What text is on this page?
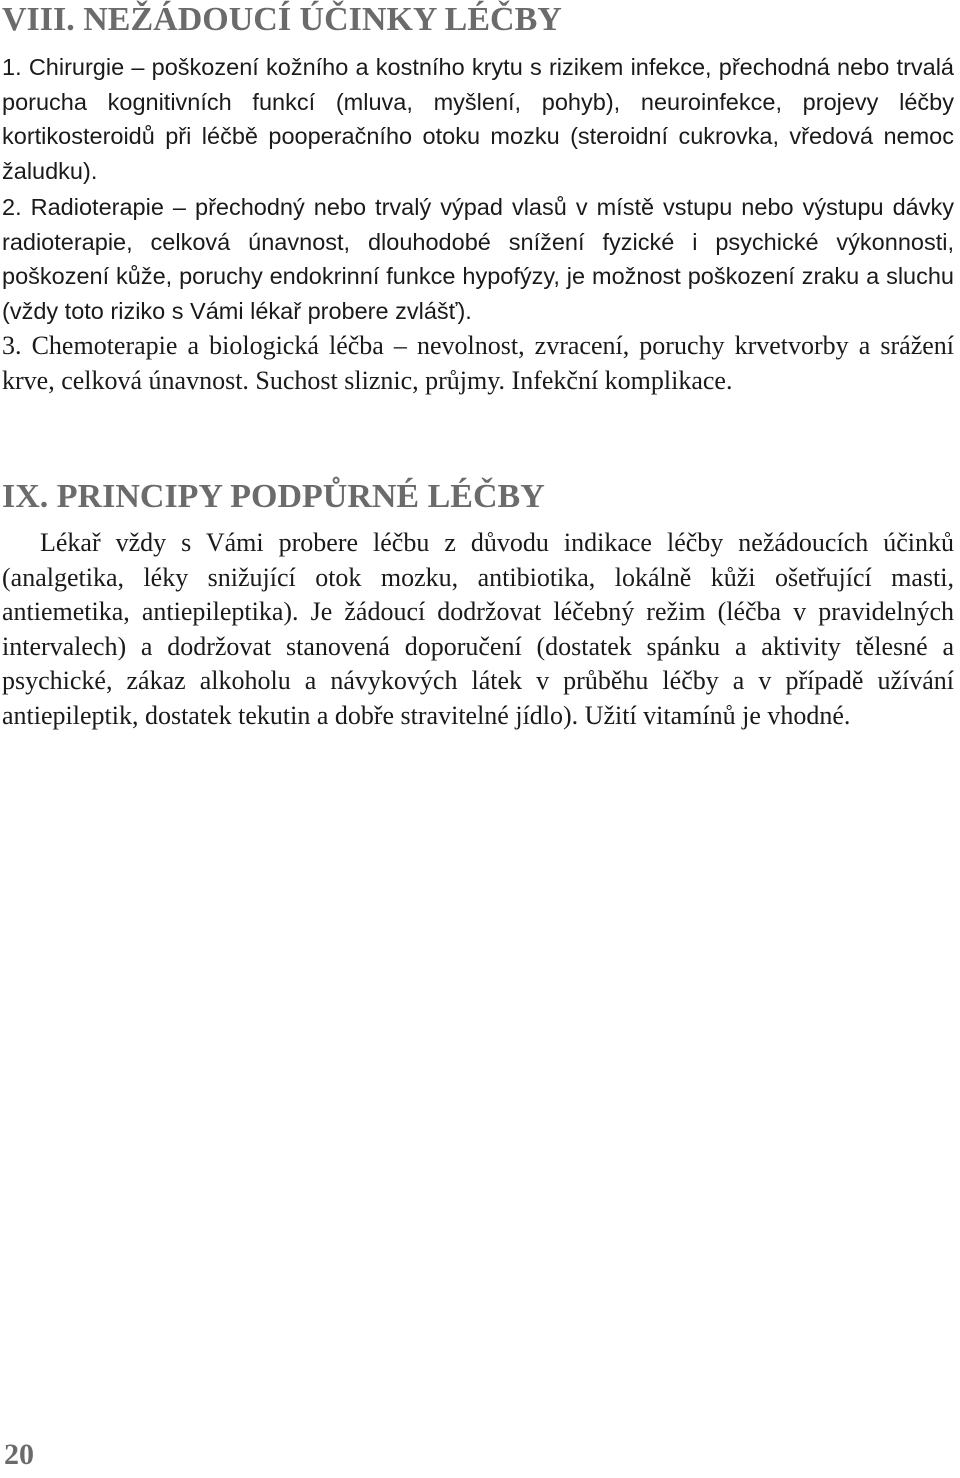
VIII. NEŽÁDOUCÍ ÚČINKY LÉČBY

1. Chirurgie – poškození kožního a kostního krytu s rizikem infekce, přechodná nebo trvalá porucha kognitivních funkcí (mluva, myšlení, pohyb), neuroinfekce, projevy léčby kortikosteroidů při léčbě pooperačního otoku mozku (steroidní cukrovka, vředová nemoc žaludku).

2. Radioterapie – přechodný nebo trvalý výpad vlasů v místě vstupu nebo výstupu dávky radioterapie, celková únavnost, dlouhodobé snížení fyzické i psychické výkonnosti, poškození kůže, poruchy endokrinní funkce hypofýzy, je možnost poškození zraku a sluchu (vždy toto riziko s Vámi lékař probere zvlášť).

3. Chemoterapie a biologická léčba – nevolnost, zvracení, poruchy krvetvorby a srážení krve, celková únavnost. Suchost sliznic, průjmy. Infekční komplikace.

IX. PRINCIPY PODPŮRNÉ LÉČBY

Lékař vždy s Vámi probere léčbu z důvodu indikace léčby nežádoucích účinků (analgetika, léky snižující otok mozku, antibiotika, lokálně kůži ošetřující masti, antiemetika, antiepileptika). Je žádoucí dodržovat léčebný režim (léčba v pravidelných intervalech) a dodržovat stanovená doporučení (dostatek spánku a aktivity tělesné a psychické, zákaz alkoholu a návykových látek v průběhu léčby a v případě užívání antiepileptik, dostatek tekutin a dobře stravitelné jídlo). Užití vitamínů je vhodné.

20
